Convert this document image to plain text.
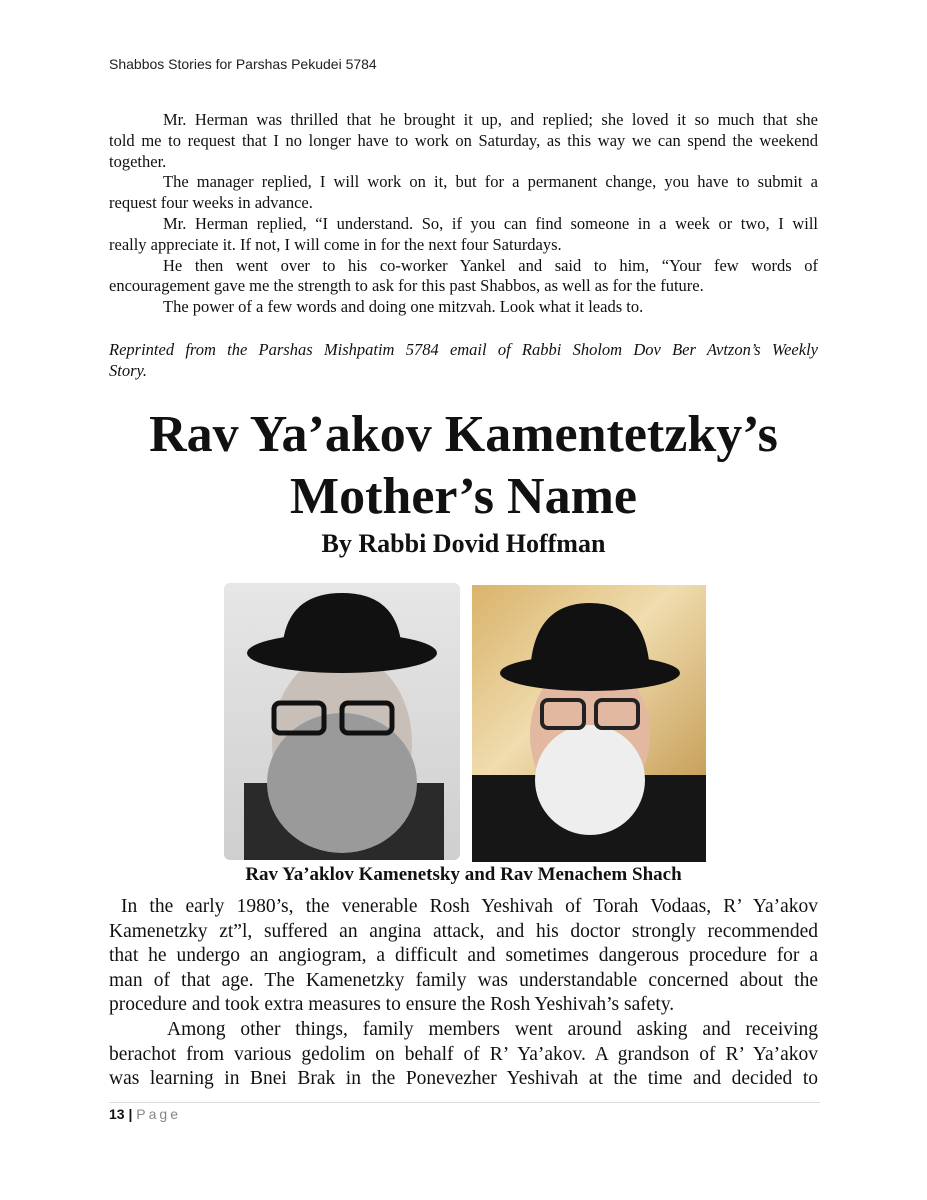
Shabbos Stories for Parshas Pekudei 5784
Mr. Herman was thrilled that he brought it up, and replied; she loved it so much that she
told me to request that I no longer have to work on Saturday, as this way we can spend the weekend
together.
The manager replied, I will work on it, but for a permanent change, you have to submit a
request four weeks in advance.
Mr. Herman replied, “I understand. So, if you can find someone in a week or two, I will
really appreciate it. If not, I will come in for the next four Saturdays.
He then went over to his co-worker Yankel and said to him, “Your few words of
encouragement gave me the strength to ask for this past Shabbos, as well as for the future.
The power of a few words and doing one mitzvah. Look what it leads to.
Reprinted from the Parshas Mishpatim 5784 email of Rabbi Sholom Dov Ber Avtzon’s Weekly
Story.
Rav Ya’akov Kamentetzky’s
Mother’s Name
By Rabbi Dovid Hoffman
Rav Ya’aklov Kamenetsky and Rav Menachem Shach
In the early 1980’s, the venerable Rosh Yeshivah of Torah Vodaas, R’ Ya’akov
Kamenetzky zt”l, suffered an angina attack, and his doctor strongly recommended
that he undergo an angiogram, a difficult and sometimes dangerous procedure for a
man of that age. The Kamenetzky family was understandable concerned about the
procedure and took extra measures to ensure the Rosh Yeshivah’s safety.
Among other things, family members went around asking and receiving
berachot from various gedolim on behalf of R’ Ya’akov. A grandson of R’ Ya’akov
was learning in Bnei Brak in the Ponevezher Yeshivah at the time and decided to
13 | Page
